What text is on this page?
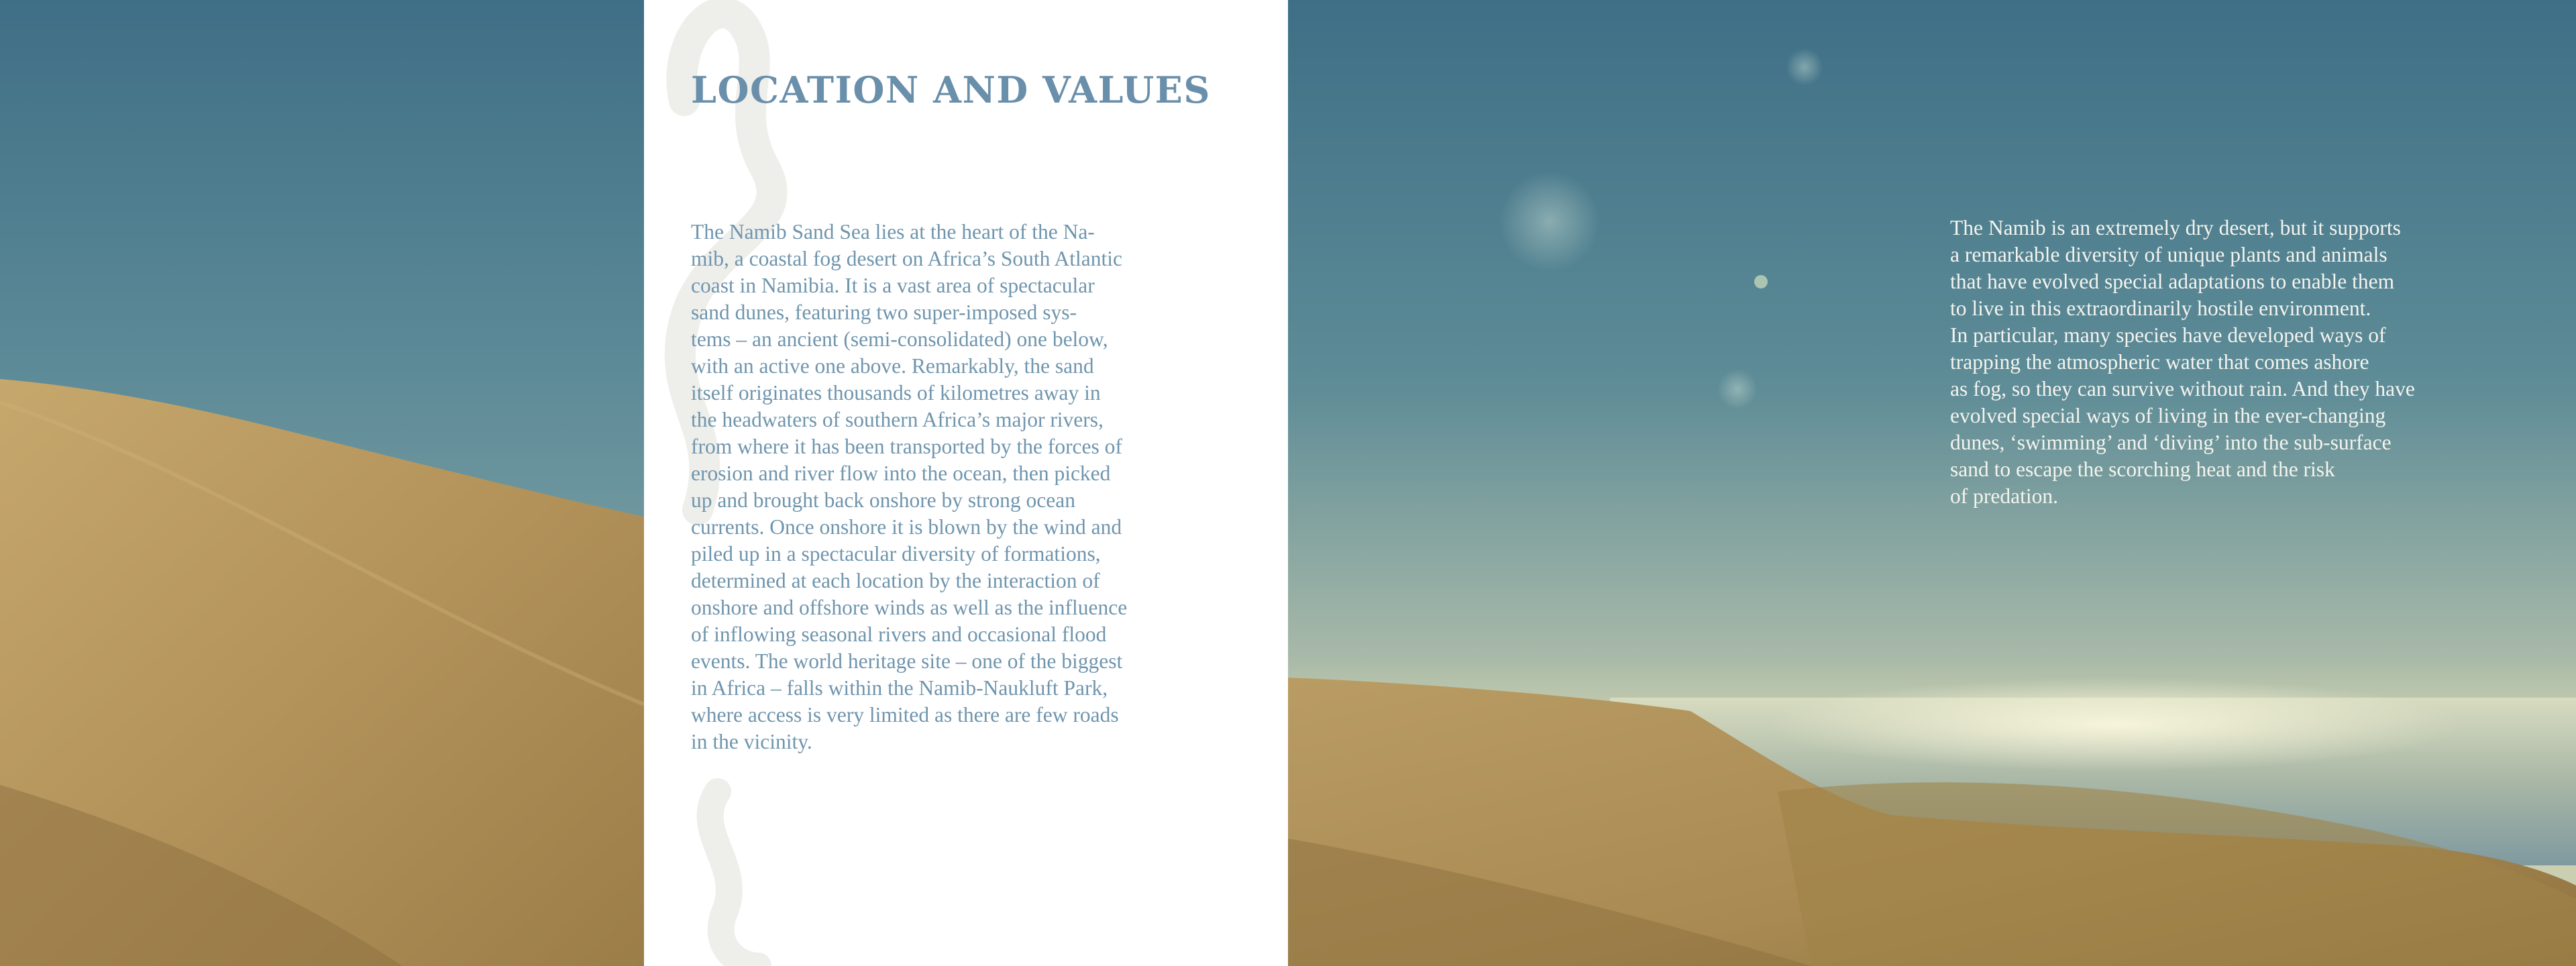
LOCATION AND VALUES

The Namib Sand Sea lies at the heart of the Na-
mib, a coastal fog desert on Africa’s South Atlantic
coast in Namibia. It is a vast area of spectacular
sand dunes, featuring two super-imposed sys-
tems – an ancient (semi-consolidated) one below,
with an active one above. Remarkably, the sand
itself originates thousands of kilometres away in
the headwaters of southern Africa’s major rivers,
from where it has been transported by the forces of
erosion and river flow into the ocean, then picked
up and brought back onshore by strong ocean
currents. Once onshore it is blown by the wind and
piled up in a spectacular diversity of formations,
determined at each location by the interaction of
onshore and offshore winds as well as the influence
of inflowing seasonal rivers and occasional flood
events. The world heritage site – one of the biggest
in Africa – falls within the Namib-Naukluft Park,
where access is very limited as there are few roads
in the vicinity.

The Namib is an extremely dry desert, but it supports
a remarkable diversity of unique plants and animals
that have evolved special adaptations to enable them
to live in this extraordinarily hostile environment.
In particular, many species have developed ways of
trapping the atmospheric water that comes ashore
as fog, so they can survive without rain. And they have
evolved special ways of living in the ever-changing
dunes, ‘swimming’ and ‘diving’ into the sub-surface
sand to escape the scorching heat and the risk
of predation.
